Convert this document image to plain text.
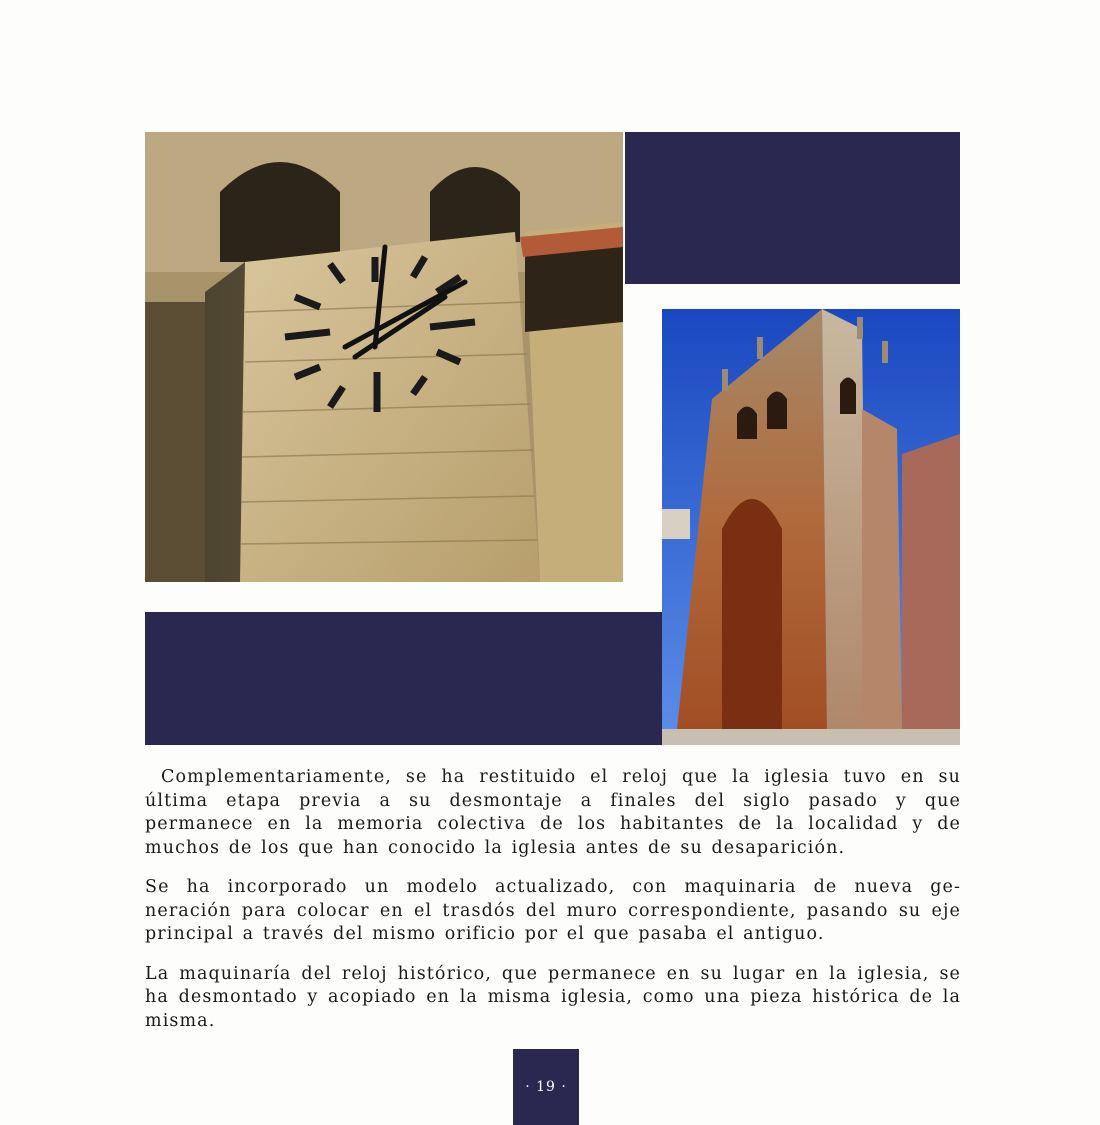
Complementariamente, se ha restituido el reloj que la iglesia tuvo en su última etapa previa a su desmontaje a finales del siglo pasado y que permanece en la memoria colectiva de los habitantes de la localidad y de muchos de los que han conocido la iglesia antes de su desaparición.

Se ha incorporado un modelo actualizado, con maquinaria de nueva ge-neración para colocar en el trasdós del muro correspondiente, pasando su eje principal a través del mismo orificio por el que pasaba el antiguo.

La maquinaría del reloj histórico, que permanece en su lugar en la iglesia, se ha desmontado y acopiado en la misma iglesia, como una pieza histórica de la misma.

· 19 ·
